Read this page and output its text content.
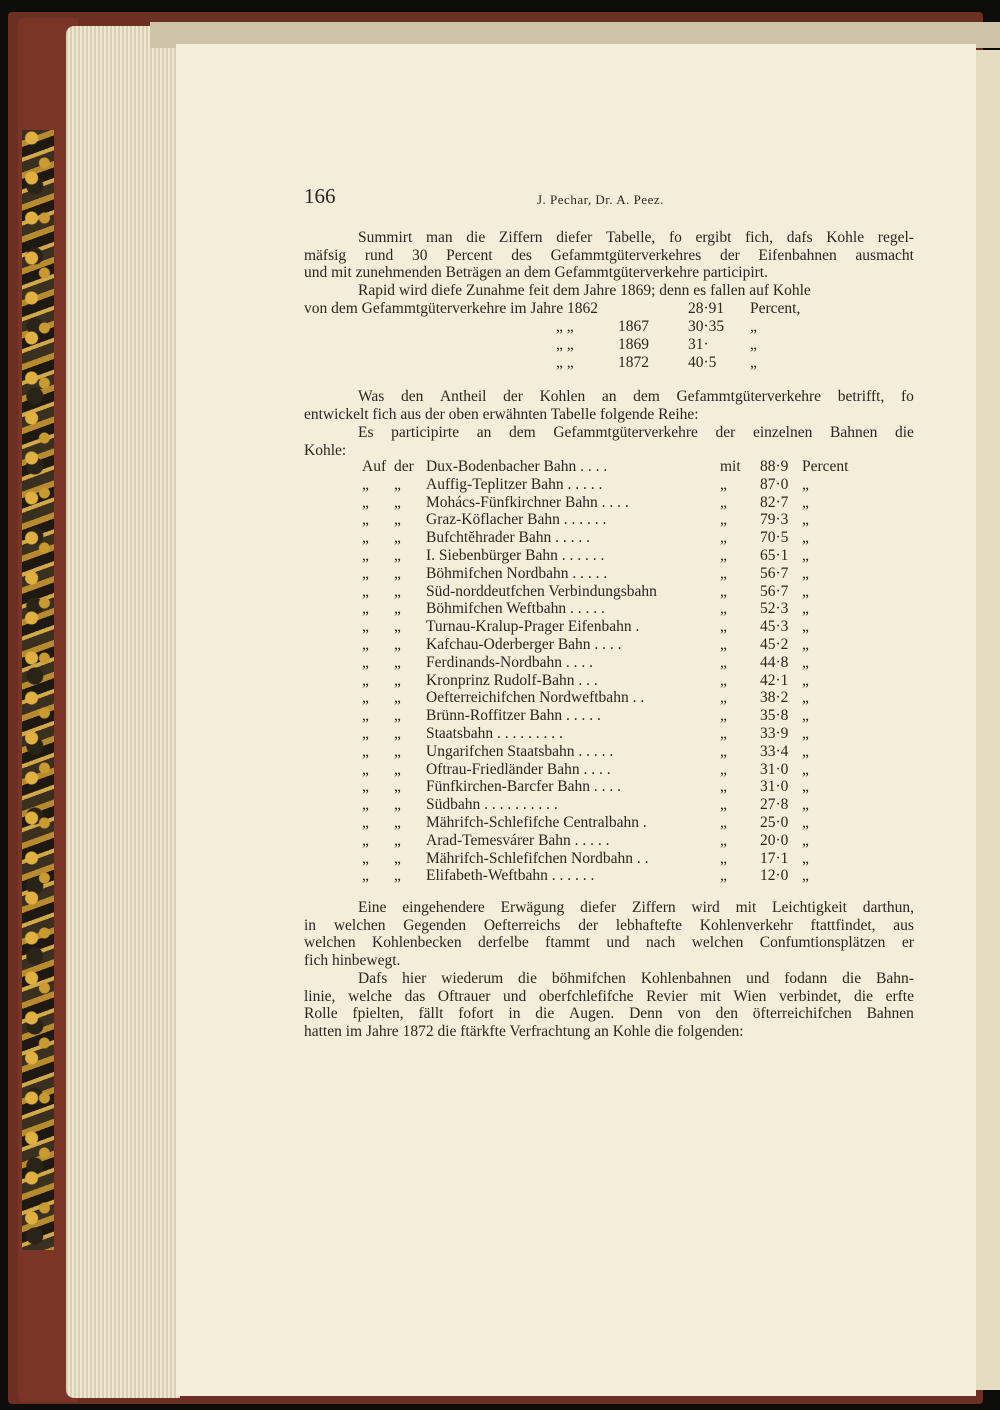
166	J. Pechar, Dr. A. Peez.
Summirt man die Ziffern diefer Tabelle, fo ergibt fich, dafs Kohle regel-
mäfsig rund 30 Percent des Gefammtgüterverkehres der Eifenbahnen ausmacht
und mit zunehmenden Beträgen an dem Gefammtgüterverkehre participirt.
Rapid wird diefe Zunahme feit dem Jahre 1869; denn es fallen auf Kohle
von dem Gefammtgüterverkehre im Jahre 1862	28·91 Percent,
„ „	1867	30·35 „
„ „	1869	31·	„
„ „	1872	40·5 „
Was den Antheil der Kohlen an dem Gefammtgüterverkehre betrifft, fo
entwickelt fich aus der oben erwähnten Tabelle folgende Reihe:
Es participirte an dem Gefammtgüterverkehre der einzelnen Bahnen die
Kohle:
Auf der Dux-Bodenbacher Bahn . . . .	mit 88·9 Percent
„ „ Auffig-Teplitzer Bahn . . . . .	„ 87·0 „
„ „ Mohács-Fünfkirchner Bahn . . . .	„ 82·7 „
„ „ Graz-Köflacher Bahn . . . . . .	„ 79·3 „
„ „ Bufchtĕhrader Bahn . . . . .	„ 70·5 „
„ „ I. Siebenbürger Bahn . . . . . .	„ 65·1 „
„ „ Böhmifchen Nordbahn . . . . .	„ 56·7 „
„ „ Süd-norddeutfchen Verbindungsbahn	„ 56·7 „
„ „ Böhmifchen Weftbahn . . . . .	„ 52·3 „
„ „ Turnau-Kralup-Prager Eifenbahn .	„ 45·3 „
„ „ Kafchau-Oderberger Bahn . . . .	„ 45·2 „
„ „ Ferdinands-Nordbahn . . . .	„ 44·8 „
„ „ Kronprinz Rudolf-Bahn . . .	„ 42·1 „
„ „ Oefterreichifchen Nordweftbahn . .	„ 38·2 „
„ „ Brünn-Roffitzer Bahn . . . . .	„ 35·8 „
„ „ Staatsbahn . . . . . . . . .	„ 33·9 „
„ „ Ungarifchen Staatsbahn . . . . .	„ 33·4 „
„ „ Oftrau-Friedländer Bahn . . . .	„ 31·0 „
„ „ Fünfkirchen-Barcfer Bahn . . . .	„ 31·0 „
„ „ Südbahn . . . . . . . . . .	„ 27·8 „
„ „ Mährifch-Schlefifche Centralbahn .	„ 25·0 „
„ „ Arad-Temesvárer Bahn . . . . .	„ 20·0 „
„ „ Mährifch-Schlefifchen Nordbahn . .	„ 17·1 „
„ „ Elifabeth-Weftbahn . . . . . .	„ 12·0 „
Eine eingehendere Erwägung diefer Ziffern wird mit Leichtigkeit darthun,
in welchen Gegenden Oefterreichs der lebhaftefte Kohlenverkehr ftattfindet, aus
welchen Kohlenbecken derfelbe ftammt und nach welchen Confumtionsplätzen er
fich hinbewegt.
Dafs hier wiederum die böhmifchen Kohlenbahnen und fodann die Bahn-
linie, welche das Oftrauer und oberfchlefifche Revier mit Wien verbindet, die erfte
Rolle fpielten, fällt fofort in die Augen. Denn von den öfterreichifchen Bahnen
hatten im Jahre 1872 die ftärkfte Verfrachtung an Kohle die folgenden:
